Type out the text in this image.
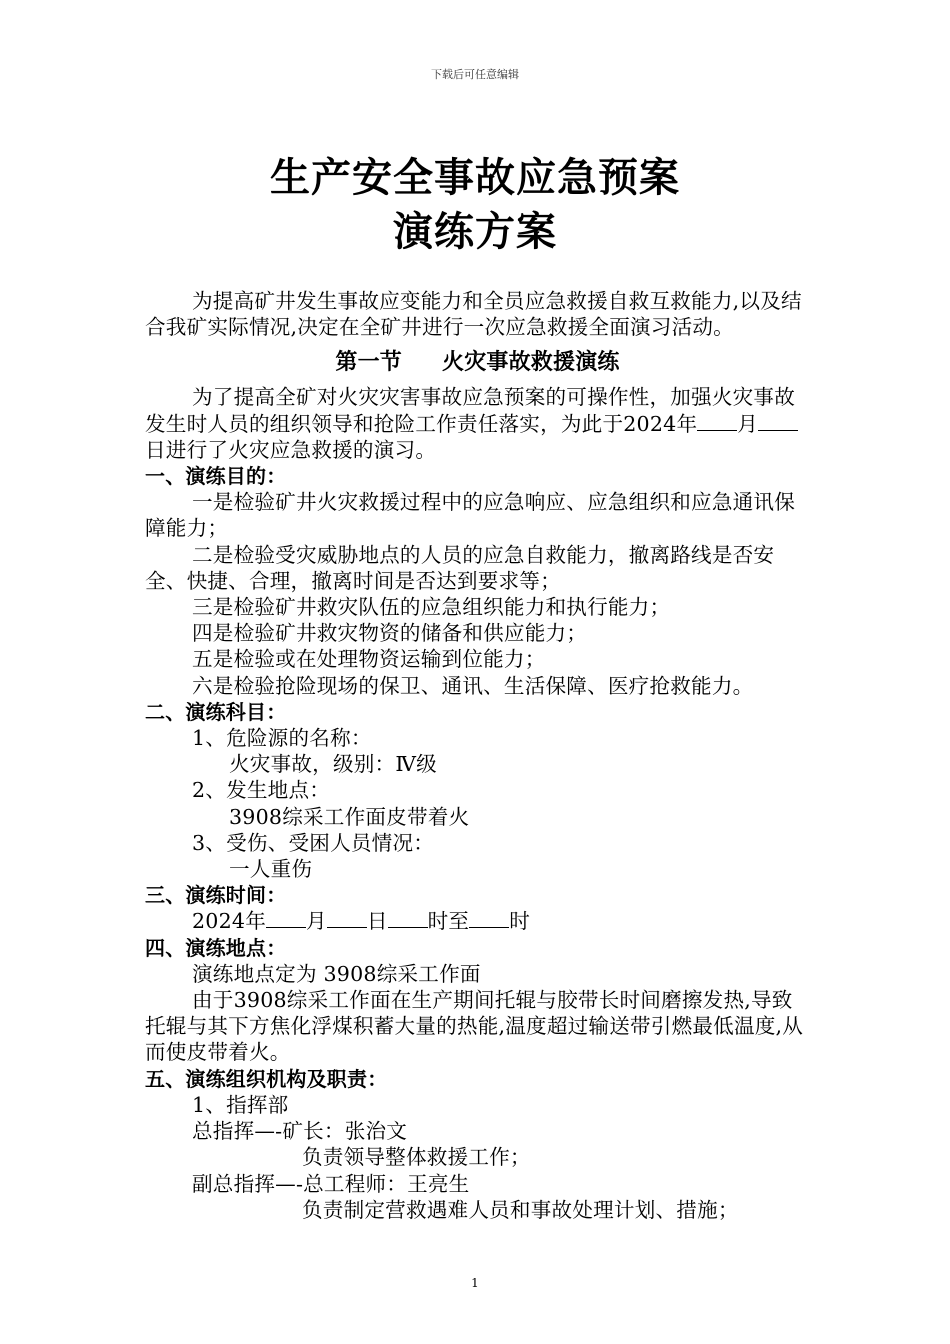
下载后可任意编辑
生产安全事故应急预案
演练方案

为提高矿井发生事故应变能力和全员应急救援自救互救能力,以及结合我矿实际情况,决定在全矿井进行一次应急救援全面演习活动。

第一节 火灾事故救援演练

为了提高全矿对火灾灾害事故应急预案的可操作性，加强火灾事故发生时人员的组织领导和抢险工作责任落实，为此于2024年 月日进行了火灾应急救援的演习。

一、演练目的：

一是检验矿井火灾救援过程中的应急响应、应急组织和应急通讯保障能力；

二是检验受灾威胁地点的人员的应急自救能力，撤离路线是否安全、快捷、合理，撤离时间是否达到要求等；

三是检验矿井救灾队伍的应急组织能力和执行能力；

四是检验矿井救灾物资的储备和供应能力；

五是检验或在处理物资运输到位能力；

六是检验抢险现场的保卫、通讯、生活保障、医疗抢救能力。

二、演练科目：
1、危险源的名称：
火灾事故，级别：Ⅳ级
2、发生地点：
3908综采工作面皮带着火
3、受伤、受困人员情况：
一人重伤
三、演练时间：
2024年 月 日 时至 时
四、演练地点：

演练地点定为 3908综采工作面

由于3908综采工作面在生产期间托辊与胶带长时间磨擦发热,导致托辊与其下方焦化浮煤积蓄大量的热能,温度超过输送带引燃最低温度,从而使皮带着火。

五、演练组织机构及职责：
1、指挥部
总指挥—-矿长：张治文
负责领导整体救援工作；
副总指挥—-总工程师：王亮生
负责制定营救遇难人员和事故处理计划、措施；
1
